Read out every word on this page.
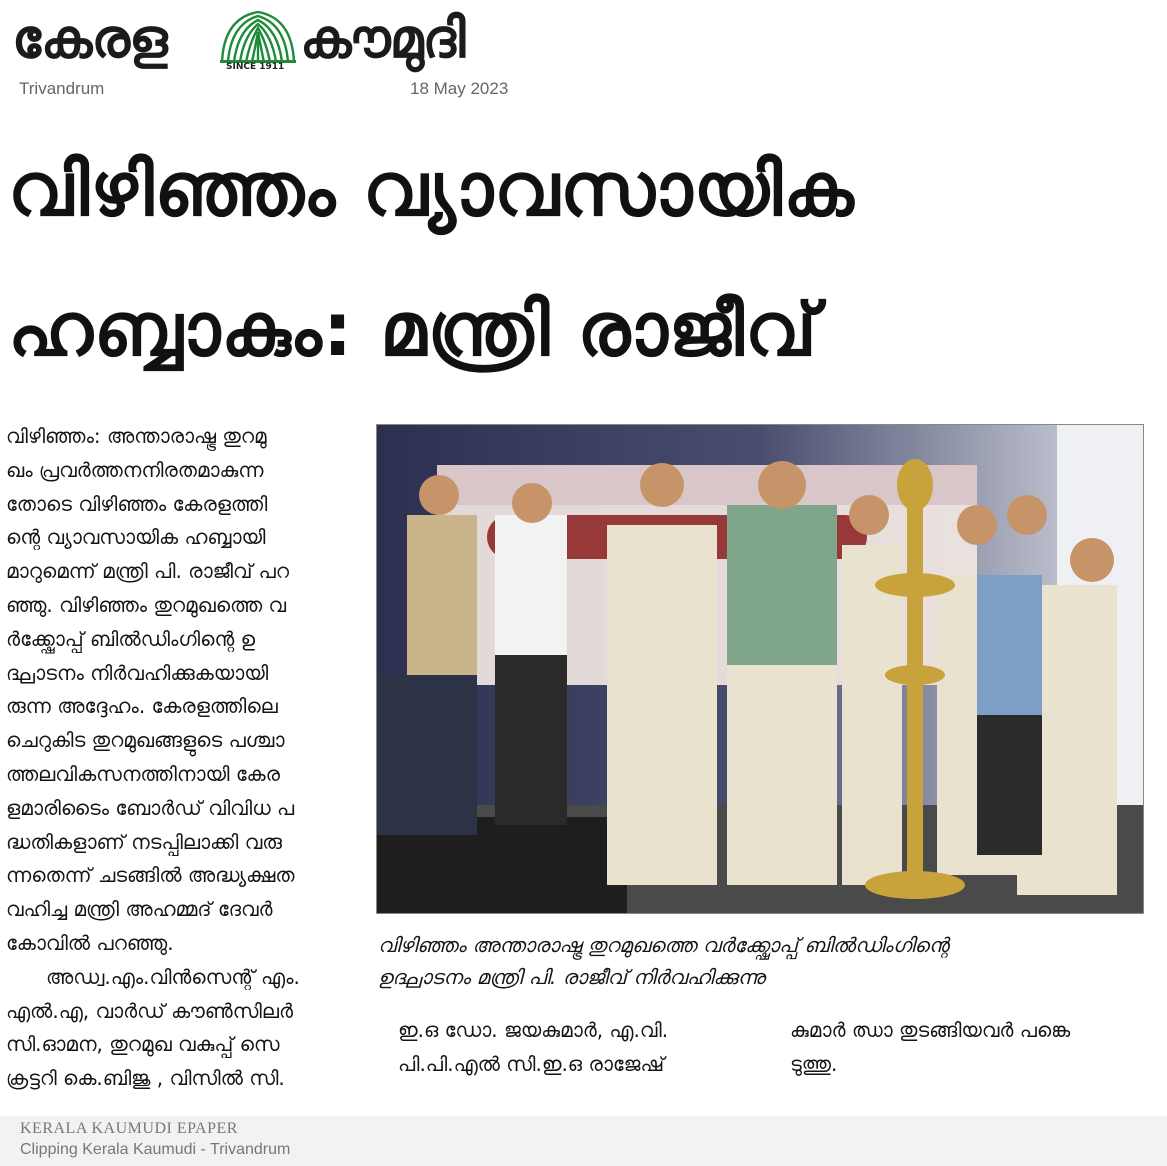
കേരള	SINCE 1911 കൗമുദി
Trivandrum	18 May 2023
വിഴിഞ്ഞം വ്യാവസായിക
ഹബ്ബാകും: മന്ത്രി രാജീവ്
വിഴിഞ്ഞം: അന്താരാഷ്ട്ര തുറമു
ഖം പ്രവർത്തനനിരതമാകുന്ന
തോടെ വിഴിഞ്ഞം കേരളത്തി
ന്റെ വ്യാവസായിക ഹബ്ബായി
മാറുമെന്ന് മന്ത്രി പി. രാജീവ് പറ
ഞ്ഞു. വിഴിഞ്ഞം തുറമുഖത്തെ വ
ർക്ക്ഷോപ്പ് ബിൽഡിംഗിന്റെ ഉ
ദ്ഘാടനം നിർവഹിക്കുകയായി
രുന്ന അദ്ദേഹം. കേരളത്തിലെ
ചെറുകിട തുറമുഖങ്ങളുടെ പശ്ചാ
ത്തലവികസനത്തിനായി കേര
ളമാരിടൈം ബോർഡ് വിവിധ പ
ദ്ധതികളാണ് നടപ്പിലാക്കി വരു
ന്നതെന്ന് ചടങ്ങിൽ അദ്ധ്യക്ഷത
വഹിച്ച മന്ത്രി അഹമ്മദ് ദേവർ
കോവിൽ പറഞ്ഞു.
അഡ്വ.എം.വിൻസെന്റ് എം.
എൽ.എ, വാർഡ് കൗൺസിലർ
സി.ഓമന, തുറമുഖ വകുപ്പ് സെ
ക്രട്ടറി കെ.ബിജു , വിസിൽ സി.
വിഴിഞ്ഞം അന്താരാഷ്ട്ര തുറമുഖത്തെ വർക്ക്ഷോപ്പ് ബിൽഡിംഗിന്റെ
ഉദ്ഘാടനം മന്ത്രി പി. രാജീവ് നിർവഹിക്കുന്നു
ഇ.ഒ ഡോ. ജയകുമാർ, എ.വി.
പി.പി.എൽ സി.ഇ.ഒ രാജേഷ്
കുമാർ ഝാ തുടങ്ങിയവർ പങ്കെ
ടുത്തു.
KERALA KAUMUDI EPAPER
Clipping Kerala Kaumudi - Trivandrum
